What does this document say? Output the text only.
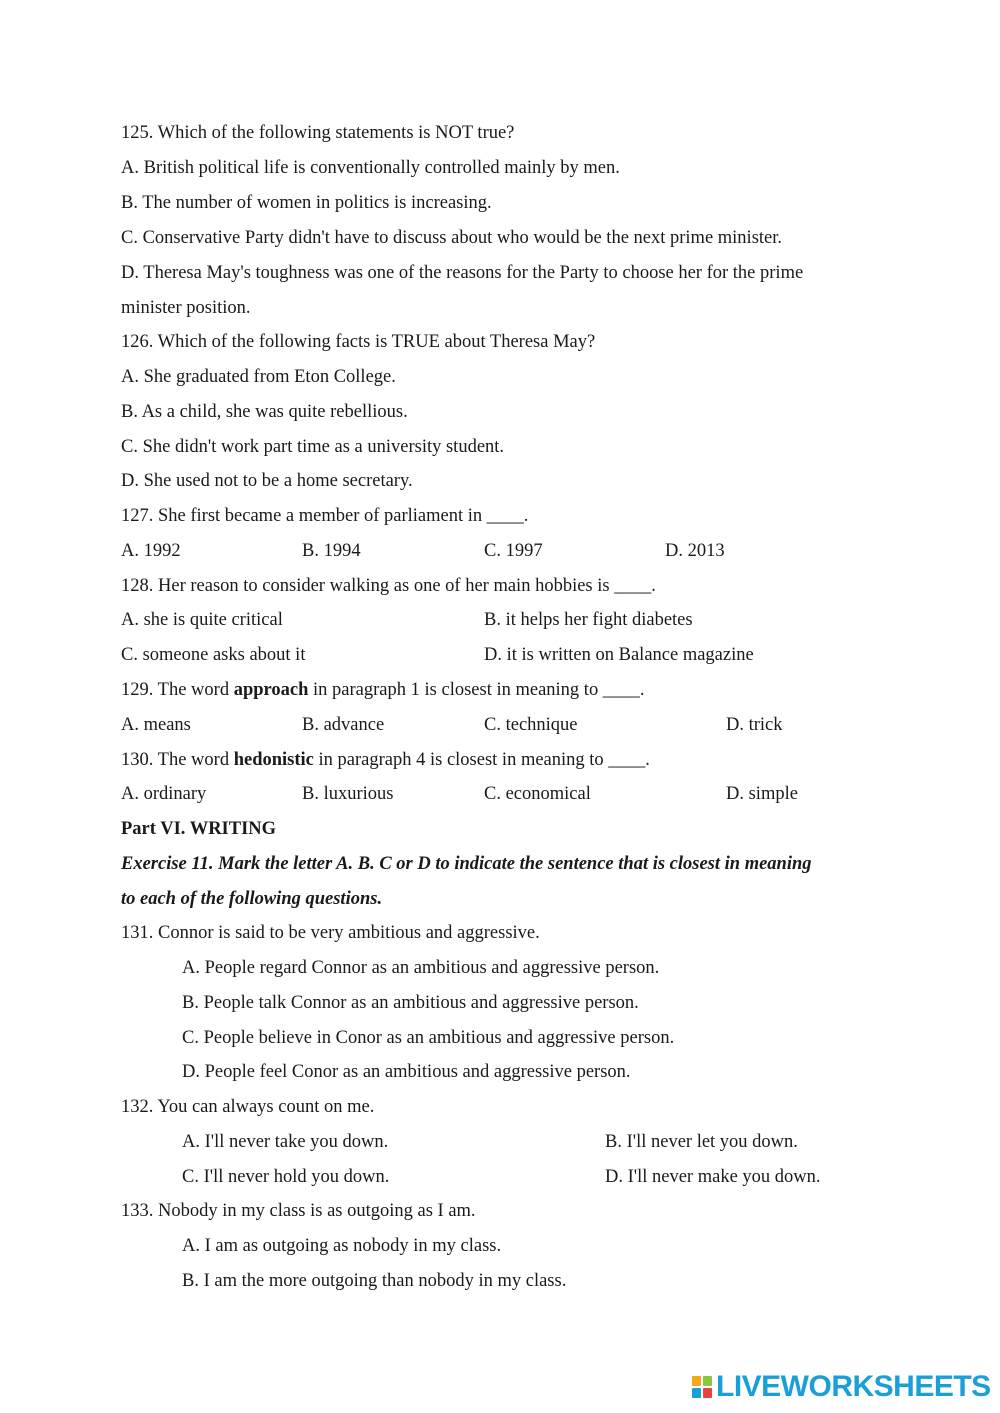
125. Which of the following statements is NOT true?
A. British political life is conventionally controlled mainly by men.
B. The number of women in politics is increasing.
C. Conservative Party didn't have to discuss about who would be the next prime minister.
D. Theresa May's toughness was one of the reasons for the Party to choose her for the prime
minister position.
126. Which of the following facts is TRUE about Theresa May?
A. She graduated from Eton College.
B. As a child, she was quite rebellious.
C. She didn't work part time as a university student.
D. She used not to be a home secretary.
127. She first became a member of parliament in ____.
A. 1992	B. 1994	C. 1997	D. 2013
128. Her reason to consider walking as one of her main hobbies is ____.
A. she is quite critical	B. it helps her fight diabetes
C. someone asks about it	D. it is written on Balance magazine
129. The word approach in paragraph 1 is closest in meaning to ____.
A. means	B. advance	C. technique	D. trick
130. The word hedonistic in paragraph 4 is closest in meaning to ____.
A. ordinary	B. luxurious	C. economical	D. simple
Part VI. WRITING
Exercise 11. Mark the letter A. B. C or D to indicate the sentence that is closest in meaning
to each of the following questions.
131. Connor is said to be very ambitious and aggressive.
A. People regard Connor as an ambitious and aggressive person.
B. People talk Connor as an ambitious and aggressive person.
C. People believe in Conor as an ambitious and aggressive person.
D. People feel Conor as an ambitious and aggressive person.
132. You can always count on me.
A. I'll never take you down.	B. I'll never let you down.
C. I'll never hold you down.	D. I'll never make you down.
133. Nobody in my class is as outgoing as I am.
A. I am as outgoing as nobody in my class.
B. I am the more outgoing than nobody in my class.
LIVEWORKSHEETS
